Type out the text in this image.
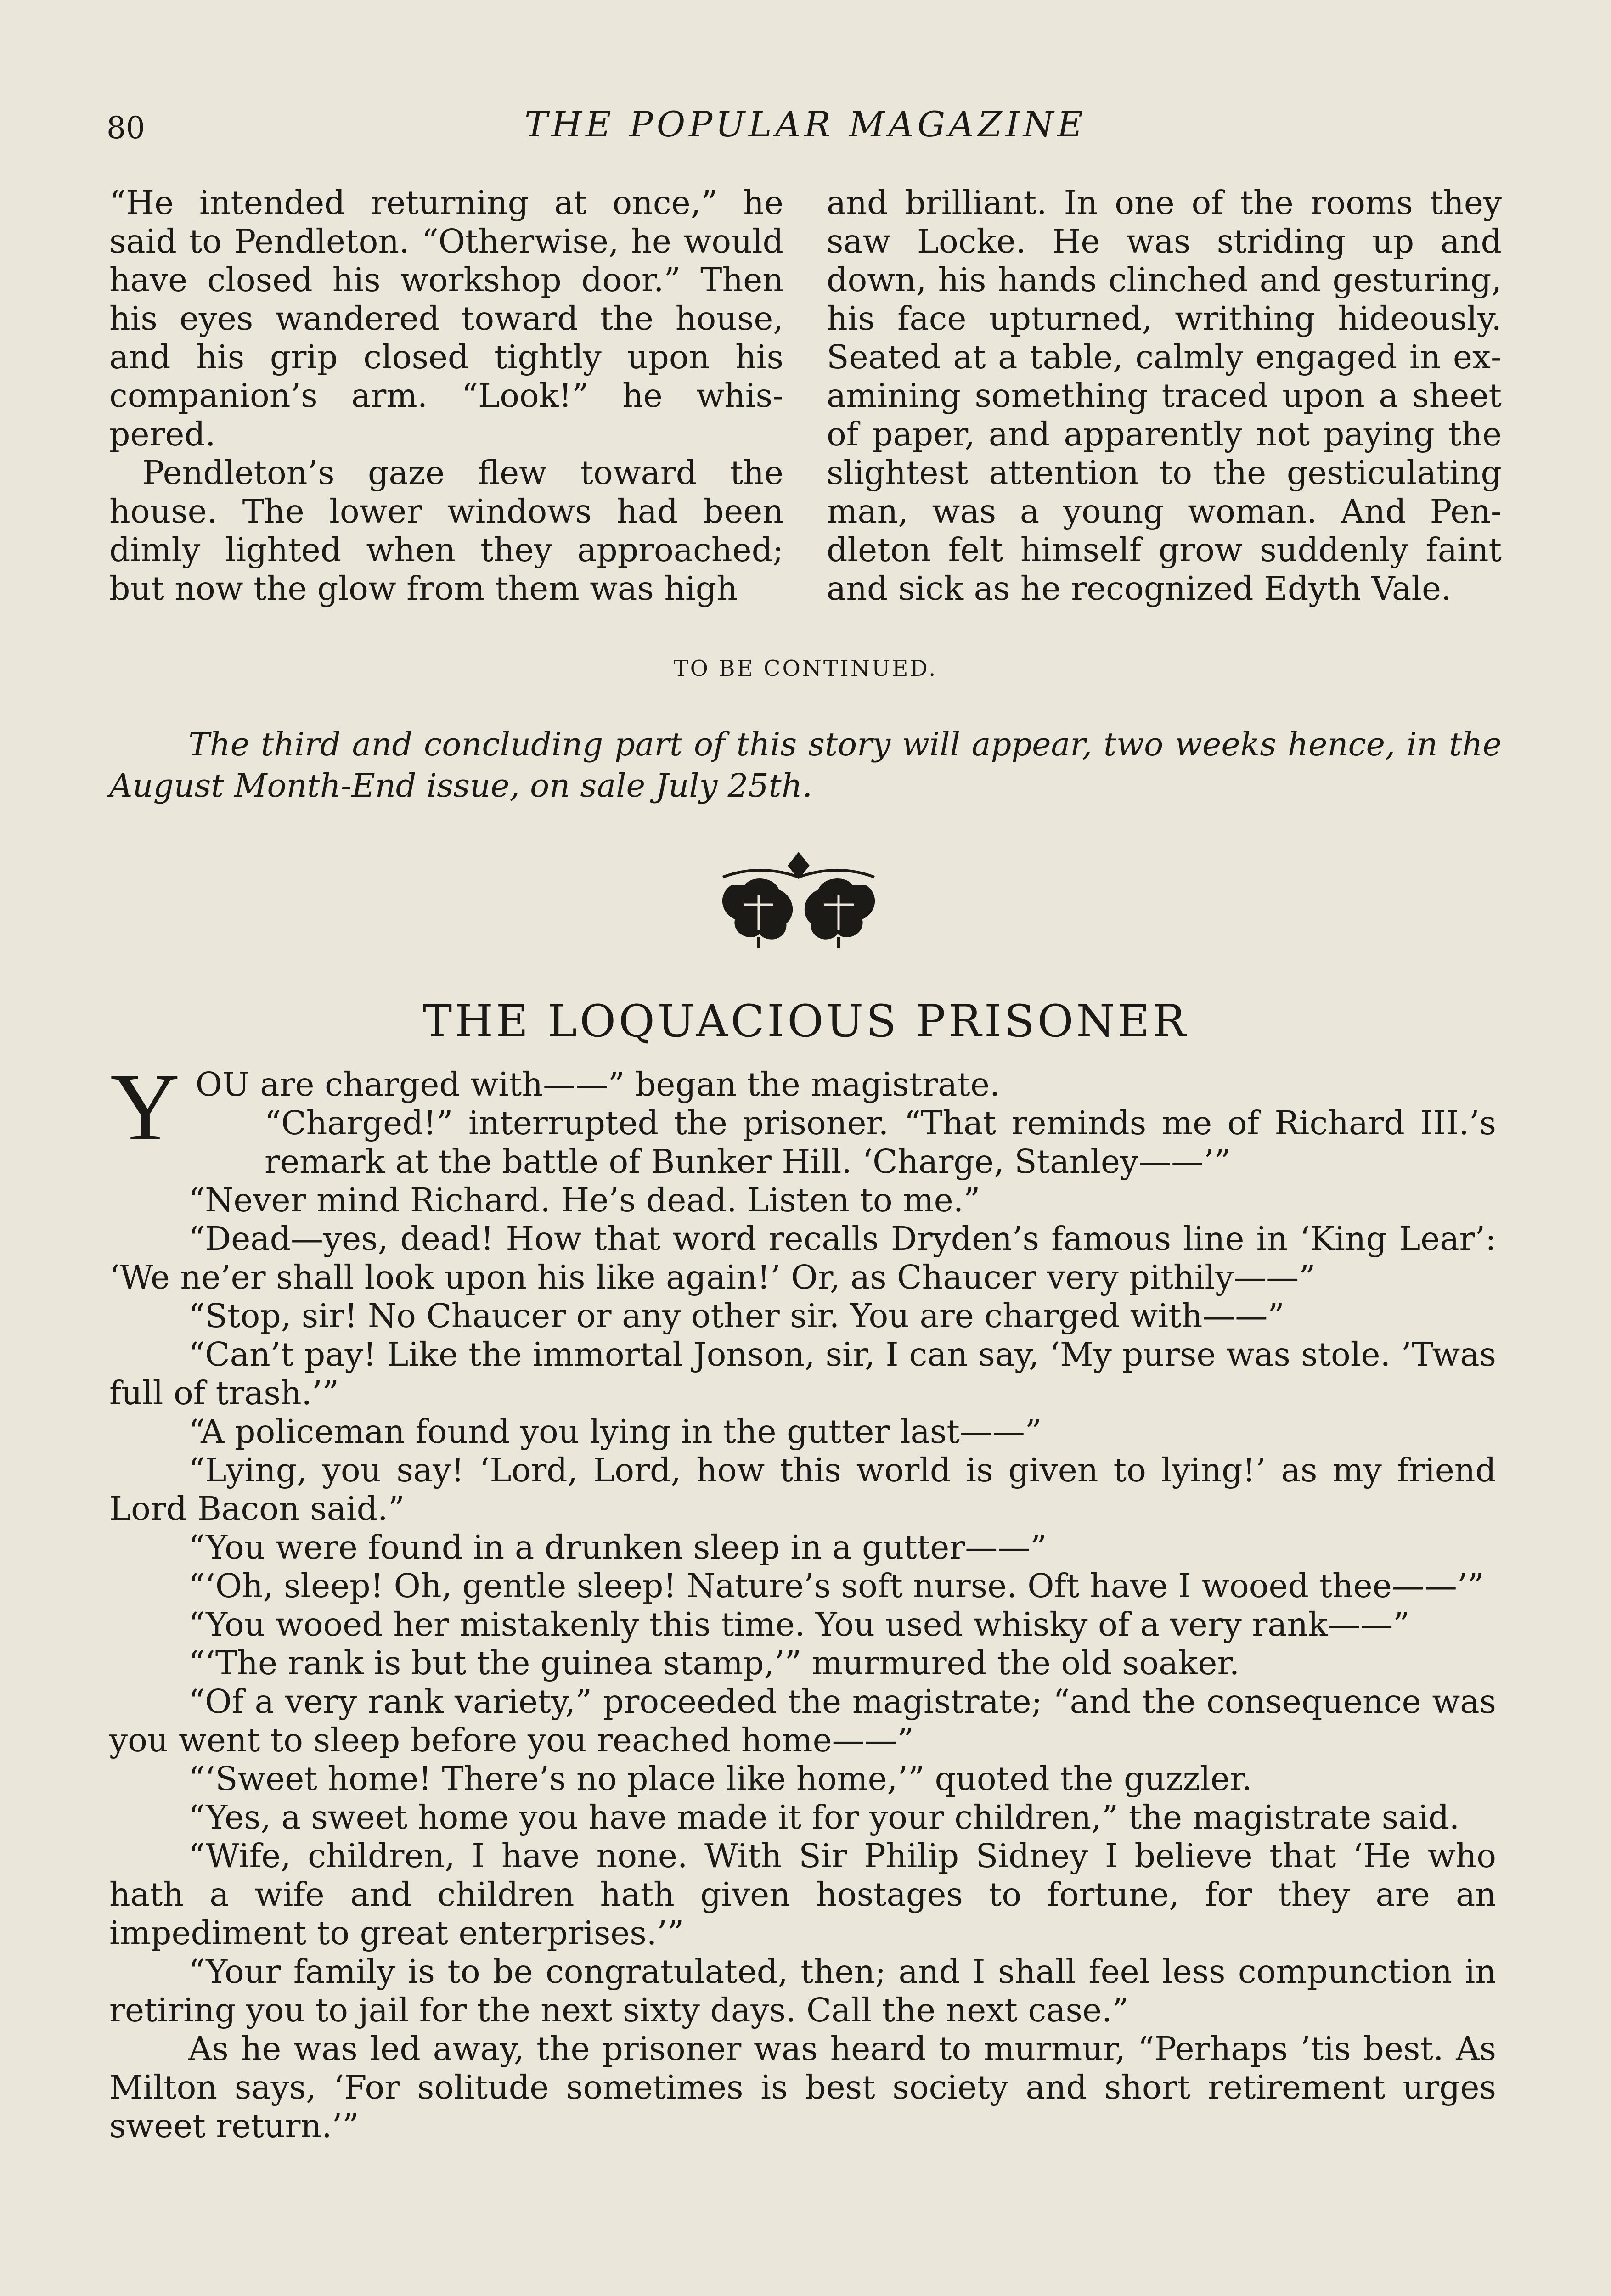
80	THE POPULAR MAGAZINE

“He intended returning at once,” he said to Pendleton. “Otherwise, he would have closed his workshop door.” Then his eyes wandered toward the house, and his grip closed tightly upon his companion’s arm. “Look!” he whispered.

Pendleton’s gaze flew toward the house. The lower windows had been dimly lighted when they approached; but now the glow from them was high

and brilliant. In one of the rooms they saw Locke. He was striding up and down, his hands clinched and gesturing, his face upturned, writhing hideously. Seated at a table, calmly engaged in examining something traced upon a sheet of paper, and apparently not paying the slightest attention to the gesticulating man, was a young woman. And Pendleton felt himself grow suddenly faint and sick as he recognized Edyth Vale.

TO BE CONTINUED.
The third and concluding part of this story will appear, two weeks hence, in the August Month-End issue, on sale July 25th.
THE LOQUACIOUS PRISONER

YOU are charged with——” began the magistrate.

“Charged!” interrupted the prisoner. “That reminds me of Richard III.’s remark at the battle of Bunker Hill. ‘Charge, Stanley——’”

“Never mind Richard. He’s dead. Listen to me.”

“Dead—yes, dead! How that word recalls Dryden’s famous line in ‘King Lear’: ‘We ne’er shall look upon his like again!’ Or, as Chaucer very pithily——”

“Stop, sir! No Chaucer or any other sir. You are charged with——”

“Can’t pay! Like the immortal Jonson, sir, I can say, ‘My purse was stole. ’Twas full of trash.’”

“A policeman found you lying in the gutter last——”

“Lying, you say! ‘Lord, Lord, how this world is given to lying!’ as my friend Lord Bacon said.”

“You were found in a drunken sleep in a gutter——”

“‘Oh, sleep! Oh, gentle sleep! Nature’s soft nurse. Oft have I wooed thee——’”

“You wooed her mistakenly this time. You used whisky of a very rank——”

“‘The rank is but the guinea stamp,’” murmured the old soaker.

“Of a very rank variety,” proceeded the magistrate; “and the consequence was you went to sleep before you reached home——”

“‘Sweet home! There’s no place like home,’” quoted the guzzler.

“Yes, a sweet home you have made it for your children,” the magistrate said.

“Wife, children, I have none. With Sir Philip Sidney I believe that ‘He who hath a wife and children hath given hostages to fortune, for they are an impediment to great enterprises.’”

“Your family is to be congratulated, then; and I shall feel less compunction in retiring you to jail for the next sixty days. Call the next case.”

As he was led away, the prisoner was heard to murmur, “Perhaps ’tis best. As Milton says, ‘For solitude sometimes is best society and short retirement urges sweet return.’”
